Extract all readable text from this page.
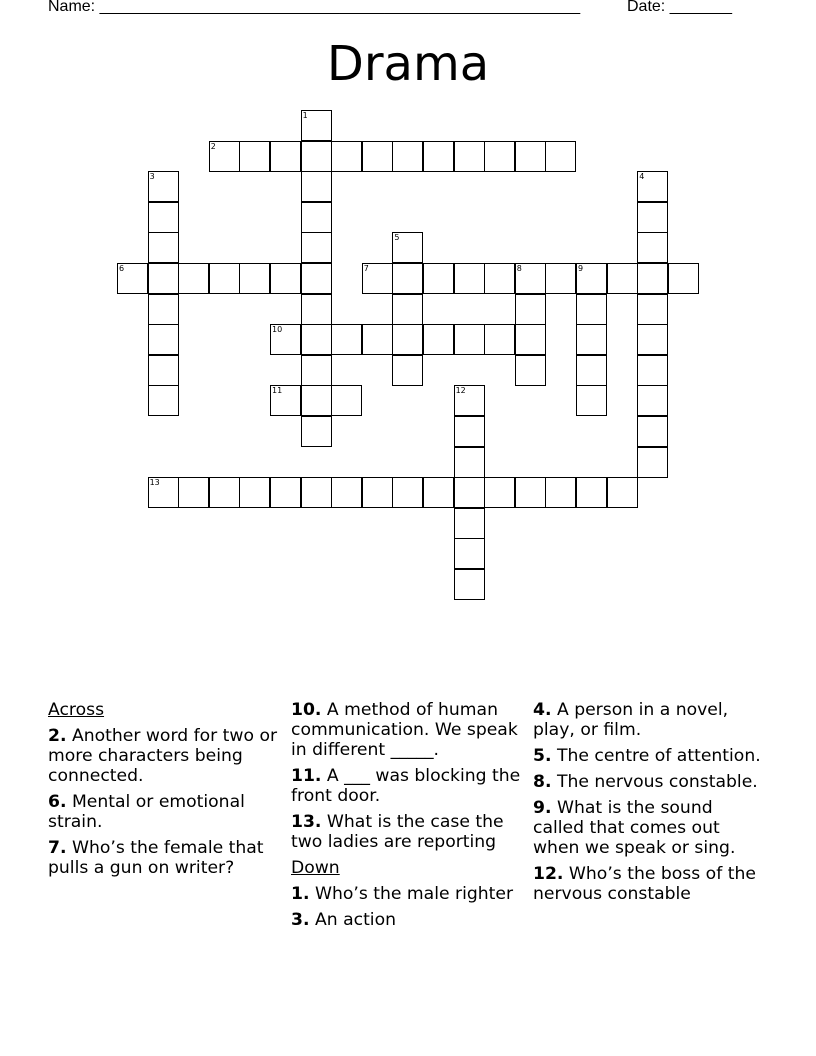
Name: ______________________________________________________	Date: _______
Drama
1
2
3	4
5
6	7	8	9
10
11	12
13
Across
2. Another word for two or more characters being connected.
6. Mental or emotional strain.
7. Who’s the female that pulls a gun on writer?
10. A method of human communication. We speak in different _____.
11. A ___ was blocking the front door.
13. What is the case the two ladies are reporting
Down
1. Who’s the male righter
3. An action
4. A person in a novel, play, or film.
5. The centre of attention.
8. The nervous constable.
9. What is the sound called that comes out when we speak or sing.
12. Who’s the boss of the nervous constable
